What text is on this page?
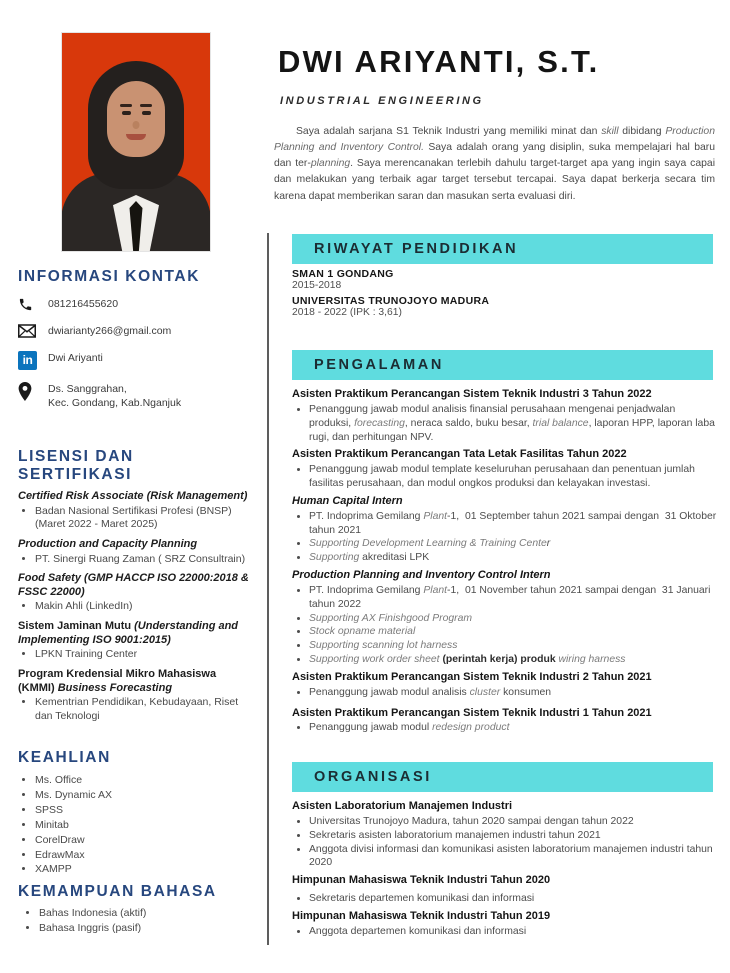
INFORMASI KONTAK
081216455620
dwiarianty266@gmail.com
in	Dwi Ariyanti
Ds. Sanggrahan,
Kec. Gondang, Kab.Nganjuk
LISENSI DAN SERTIFIKASI
Certified Risk Associate (Risk Management)
• Badan Nasional Sertifikasi Profesi (BNSP) (Maret 2022 - Maret 2025)
Production and Capacity Planning
• PT. Sinergi Ruang Zaman ( SRZ Consultrain)
Food Safety (GMP HACCP ISO 22000:2018 & FSSC 22000)
• Makin Ahli (LinkedIn)
Sistem Jaminan Mutu (Understanding and Implementing ISO 9001:2015)
• LPKN Training Center
Program Kredensial Mikro Mahasiswa (KMMI) Business Forecasting
• Kementrian Pendidikan, Kebudayaan, Riset dan Teknologi
KEAHLIAN
• Ms. Office
• Ms. Dynamic AX
• SPSS
• Minitab
• CorelDraw
• EdrawMax
• XAMPP
KEMAMPUAN BAHASA
• Bahas Indonesia (aktif)
• Bahasa Inggris (pasif)
DWI ARIYANTI, S.T.
INDUSTRIAL ENGINEERING
Saya adalah sarjana S1 Teknik Industri yang memiliki minat dan skill dibidang Production Planning and Inventory Control. Saya adalah orang yang disiplin, suka mempelajari hal baru dan ter-planning. Saya merencanakan terlebih dahulu target-target apa yang ingin saya capai dan melakukan yang terbaik agar target tersebut tercapai. Saya dapat berkerja secara tim karena dapat memberikan saran dan masukan serta evaluasi diri.
RIWAYAT PENDIDIKAN
SMAN 1 GONDANG
2015-2018
UNIVERSITAS TRUNOJOYO MADURA
2018 - 2022 (IPK : 3,61)
PENGALAMAN
Asisten Praktikum Perancangan Sistem Teknik Industri 3 Tahun 2022
• Penanggung jawab modul analisis finansial perusahaan mengenai penjadwalan produksi, forecasting, neraca saldo, buku besar, trial balance, laporan HPP, laporan laba rugi, dan perhitungan NPV.
Asisten Praktikum Perancangan Tata Letak Fasilitas Tahun 2022
• Penanggung jawab modul template keseluruhan perusahaan dan penentuan jumlah fasilitas perusahaan, dan modul ongkos produksi dan kelayakan investasi.
Human Capital Intern
• PT. Indoprima Gemilang Plant-1,  01 September tahun 2021 sampai dengan  31 Oktober tahun 2021
• Supporting Development Learning & Training Center
• Supporting akreditasi LPK
Production Planning and Inventory Control Intern
• PT. Indoprima Gemilang Plant-1,  01 November tahun 2021 sampai dengan  31 Januari tahun 2022
• Supporting AX Finishgood Program
• Stock opname material
• Supporting scanning lot harness
• Supporting work order sheet (perintah kerja) produk wiring harness
Asisten Praktikum Perancangan Sistem Teknik Industri 2 Tahun 2021
• Penanggung jawab modul analisis cluster konsumen
Asisten Praktikum Perancangan Sistem Teknik Industri 1 Tahun 2021
• Penanggung jawab modul redesign product
ORGANISASI
Asisten Laboratorium Manajemen Industri
• Universitas Trunojoyo Madura, tahun 2020 sampai dengan tahun 2022
• Sekretaris asisten laboratorium manajemen industri tahun 2021
• Anggota divisi informasi dan komunikasi asisten laboratorium manajemen industri tahun 2020
Himpunan Mahasiswa Teknik Industri Tahun 2020
• Sekretaris departemen komunikasi dan informasi
Himpunan Mahasiswa Teknik Industri Tahun 2019
• Anggota departemen komunikasi dan informasi
